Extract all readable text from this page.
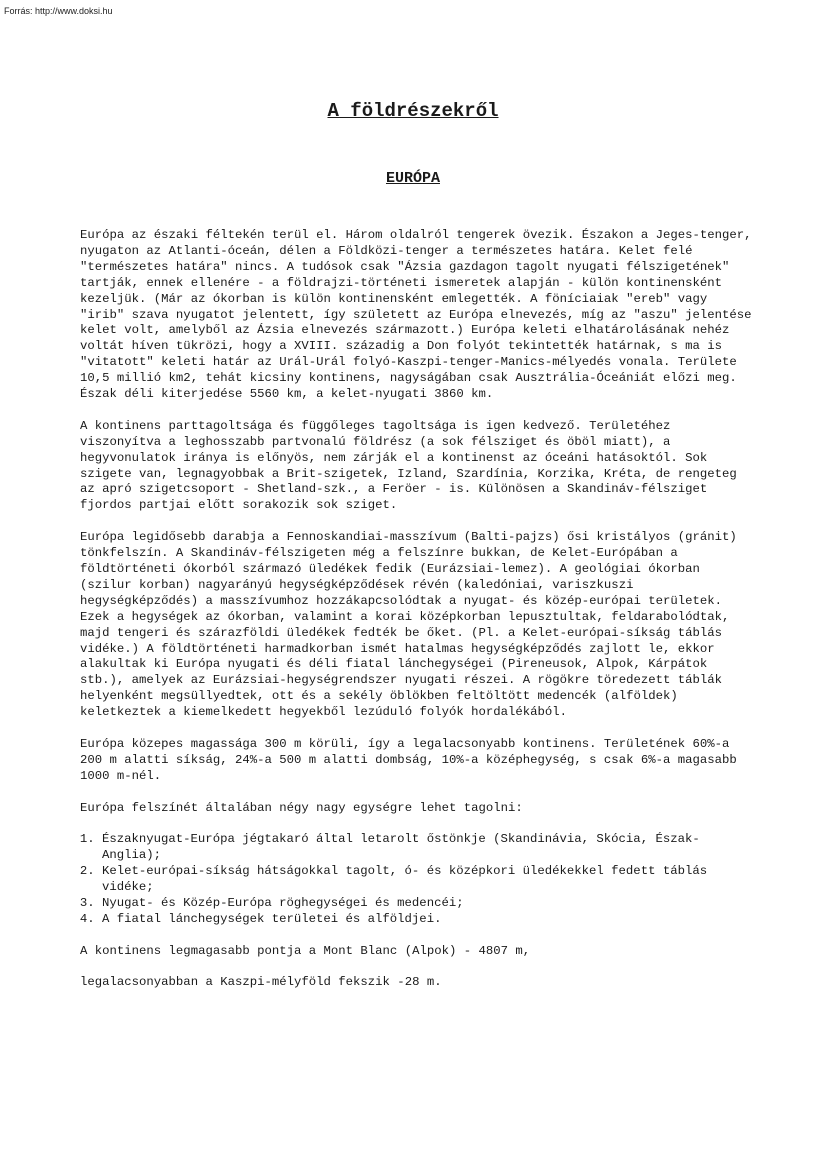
Forrás: http://www.doksi.hu
A földrészekről
EURÓPA

Európa az északi féltekén terül el. Három oldalról tengerek övezik. Északon a Jeges-tenger, nyugaton az Atlanti-óceán, délen a Földközi-tenger a természetes határa. Kelet felé "természetes határa" nincs. A tudósok csak "Ázsia gazdagon tagolt nyugati félszigetének" tartják, ennek ellenére - a földrajzi-történeti ismeretek alapján - külön kontinensként kezeljük. (Már az ókorban is külön kontinensként emlegették. A föníciaiak "ereb" vagy "irib" szava nyugatot jelentett, így született az Európa elnevezés, míg az "aszu" jelentése kelet volt, amelyből az Ázsia elnevezés származott.) Európa keleti elhatárolásának nehéz voltát híven tükrözi, hogy a XVIII. századig a Don folyót tekintették határnak, s ma is "vitatott" keleti határ az Urál-Urál folyó-Kaszpi-tenger-Manics-mélyedés vonala. Területe 10,5 millió km2, tehát kicsiny kontinens, nagyságában csak Ausztrália-Óceániát előzi meg. Észak déli kiterjedése 5560 km, a kelet-nyugati 3860 km.

A kontinens parttagoltsága és függőleges tagoltsága is igen kedvező. Területéhez viszonyítva a leghosszabb partvonalú földrész (a sok félsziget és öböl miatt), a hegyvonulatok iránya is előnyös, nem zárják el a kontinenst az óceáni hatásoktól. Sok szigete van, legnagyobbak a Brit-szigetek, Izland, Szardínia, Korzika, Kréta, de rengeteg az apró szigetcsoport - Shetland-szk., a Feröer - is. Különösen a Skandináv-félsziget fjordos partjai előtt sorakozik sok sziget.

Európa legidősebb darabja a Fennoskandiai-masszívum (Balti-pajzs) ősi kristályos (gránit) tönkfelszín. A Skandináv-félszigeten még a felszínre bukkan, de Kelet-Európában a földtörténeti ókorból származó üledékek fedik (Eurázsiai-lemez). A geológiai ókorban (szilur korban) nagyarányú hegységképződések révén (kaledóniai, variszkuszi hegységképződés) a masszívumhoz hozzákapcsolódtak a nyugat- és közép-európai területek. Ezek a hegységek az ókorban, valamint a korai középkorban lepusztultak, feldarabolódtak, majd tengeri és szárazföldi üledékek fedték be őket. (Pl. a Kelet-európai-síkság táblás vidéke.) A földtörténeti harmadkorban ismét hatalmas hegységképződés zajlott le, ekkor alakultak ki Európa nyugati és déli fiatal lánchegységei (Pireneusok, Alpok, Kárpátok stb.), amelyek az Eurázsiai-hegységrendszer nyugati részei. A rögökre töredezett táblák helyenként megsüllyedtek, ott és a sekély öblökben feltöltött medencék (alföldek) keletkeztek a kiemelkedett hegyekből lezúduló folyók hordalékából.

Európa közepes magassága 300 m körüli, így a legalacsonyabb kontinens. Területének 60%-a 200 m alatti síkság, 24%-a 500 m alatti dombság, 10%-a középhegység, s csak 6%-a magasabb 1000 m-nél.

Európa felszínét általában négy nagy egységre lehet tagolni:

1. Északnyugat-Európa jégtakaró által letarolt őstönkje (Skandinávia, Skócia, Észak-Anglia);
2. Kelet-európai-síkság hátságokkal tagolt, ó- és középkori üledékekkel fedett táblás vidéke;
3. Nyugat- és Közép-Európa röghegységei és medencéi;
4. A fiatal lánchegységek területei és alföldjei.

A kontinens legmagasabb pontja a Mont Blanc (Alpok) - 4807 m,

legalacsonyabban a Kaszpi-mélyföld fekszik -28 m.
